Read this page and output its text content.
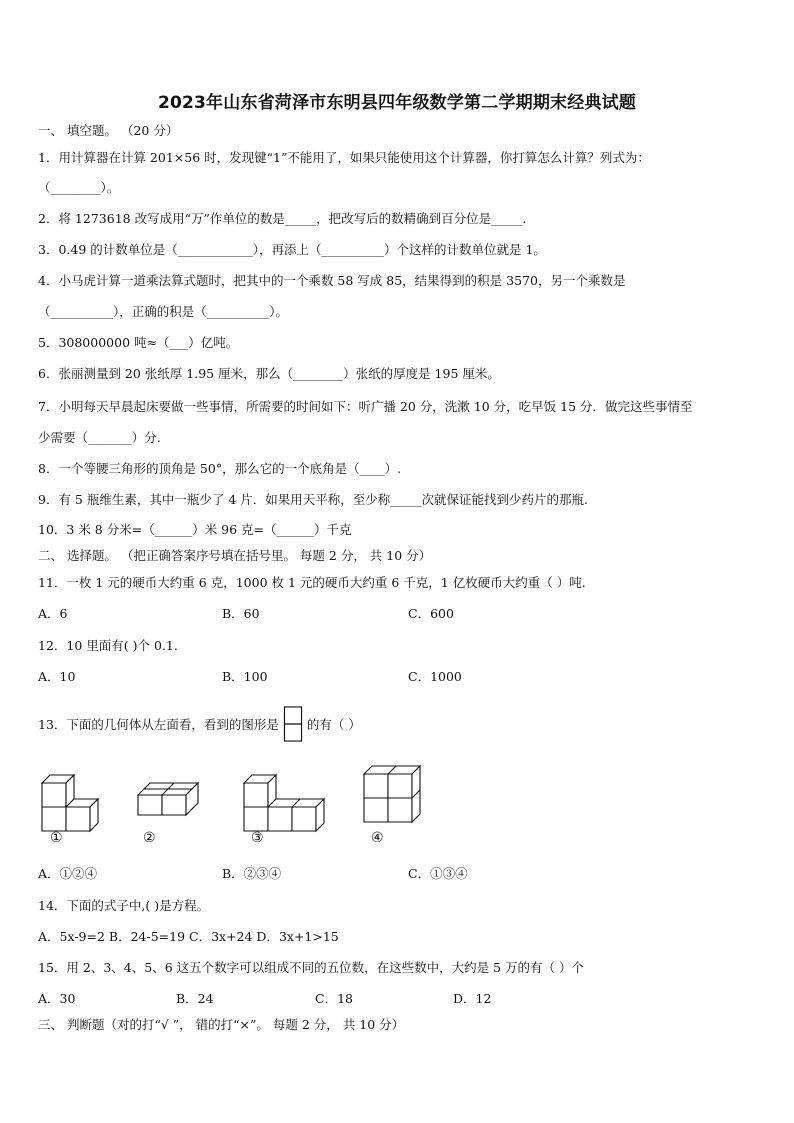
2023年山东省菏泽市东明县四年级数学第二学期期末经典试题
一、 填空题。 （20 分）
1．用计算器在计算 201×56 时，发现键“1”不能用了，如果只能使用这个计算器，你打算怎么计算？列式为：
（________）。
2．将 1273618 改写成用“万”作单位的数是_____，把改写后的数精确到百分位是_____.
3．0.49 的计数单位是（____________），再添上（__________）个这样的计数单位就是 1。
4．小马虎计算一道乘法算式题时，把其中的一个乘数 58 写成 85，结果得到的积是 3570，另一个乘数是
（__________），正确的积是（__________）。
5．308000000 吨≈（___）亿吨。
6．张丽测量到 20 张纸厚 1.95 厘米，那么（________）张纸的厚度是 195 厘米。
7．小明每天早晨起床要做一些事情，所需要的时间如下：听广播 20 分，洗漱 10 分，吃早饭 15 分．做完这些事情至
少需要（_______）分.
8．一个等腰三角形的顶角是 50°，那么它的一个底角是（____）.
9．有 5 瓶维生素，其中一瓶少了 4 片．如果用天平称，至少称_____次就保证能找到少药片的那瓶.
10．3 米 8 分米=（______）米 96 克=（______）千克
二、 选择题。 （把正确答案序号填在括号里。 每题 2 分， 共 10 分）
11．一枚 1 元的硬币大约重 6 克，1000 枚 1 元的硬币大约重 6 千克，1 亿枚硬币大约重（ ）吨.
A．6	B．60	C．600
12．10 里面有( )个 0.1.
A．10	B．100	C．1000
13．下面的几何体从左面看，看到的图形是 的有（ ）
①	②	③	④
A．①②④	B．②③④	C．①③④
14．下面的式子中,( )是方程。
A．5x-9=2 B．24-5=19 C．3x+24 D．3x+1>15
15．用 2、3、4、5、6 这五个数字可以组成不同的五位数，在这些数中，大约是 5 万的有（ ）个
A．30	B．24	C．18	D．12
三、 判断题（对的打“√ ”， 错的打“×”。 每题 2 分， 共 10 分）
